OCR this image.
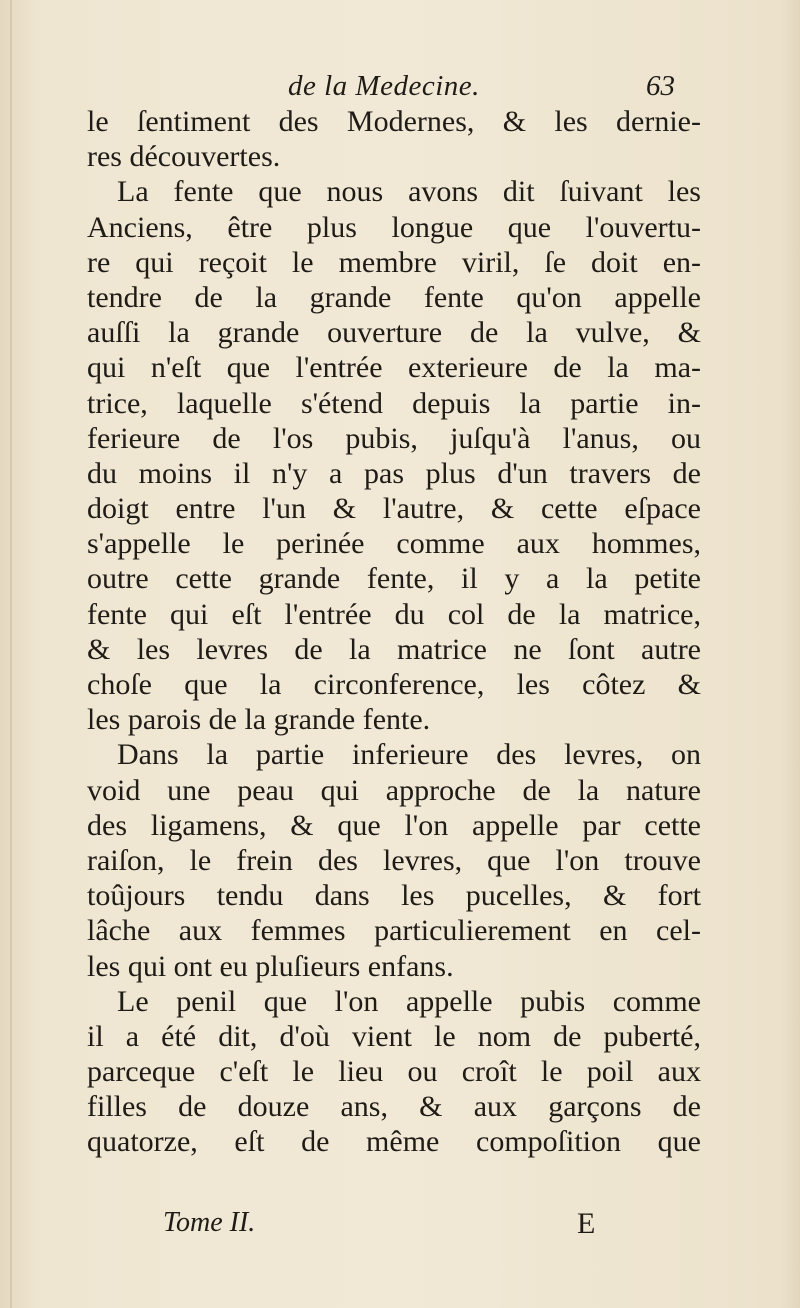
de la Medecine.	63
le ſentiment des Modernes, & les dernie-
res découvertes.
La fente que nous avons dit ſuivant les
Anciens, être plus longue que l'ouvertu-
re qui reçoit le membre viril, ſe doit en-
tendre de la grande fente qu'on appelle
auſſi la grande ouverture de la vulve, &
qui n'eſt que l'entrée exterieure de la ma-
trice, laquelle s'étend depuis la partie in-
ferieure de l'os pubis, juſqu'à l'anus, ou
du moins il n'y a pas plus d'un travers de
doigt entre l'un & l'autre, & cette eſpace
s'appelle le perinée comme aux hommes,
outre cette grande fente, il y a la petite
fente qui eſt l'entrée du col de la matrice,
& les levres de la matrice ne ſont autre
choſe que la circonference, les côtez &
les parois de la grande fente.
Dans la partie inferieure des levres, on
void une peau qui approche de la nature
des ligamens, & que l'on appelle par cette
raiſon, le frein des levres, que l'on trouve
toûjours tendu dans les pucelles, & fort
lâche aux femmes particulierement en cel-
les qui ont eu pluſieurs enfans.
Le penil que l'on appelle pubis comme
il a été dit, d'où vient le nom de puberté,
parceque c'eſt le lieu ou croît le poil aux
filles de douze ans, & aux garçons de
quatorze, eſt de même compoſition que
Tome II.	E
